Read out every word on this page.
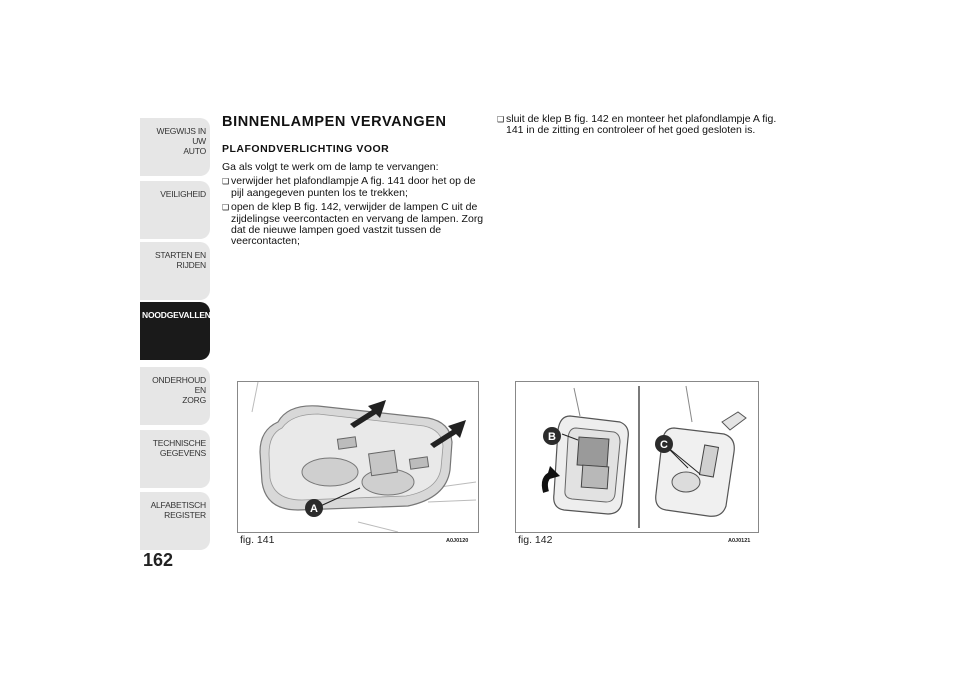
WEGWIJS IN UW
AUTO
VEILIGHEID
STARTEN EN RIJDEN
NOODGEVALLEN
ONDERHOUD EN
ZORG
TECHNISCHE
GEGEVENS
ALFABETISCH
REGISTER
162
BINNENLAMPEN VERVANGEN
PLAFONDVERLICHTING VOOR

Ga als volgt te werk om de lamp te vervangen:

❑ verwijder het plafondlampje A fig. 141 door het op de pijl aangegeven punten los te trekken;
❑ open de klep B fig. 142, verwijder de lampen C uit de zijdelingse veercontacten en vervang de lampen. Zorg dat de nieuwe lampen goed vastzit tussen de veercontacten;
❑ sluit de klep B fig. 142 en monteer het plafondlampje A fig. 141 in de zitting en controleer of het goed gesloten is.
A
fig. 141	A0J0120
B
C
fig. 142	A0J0121
